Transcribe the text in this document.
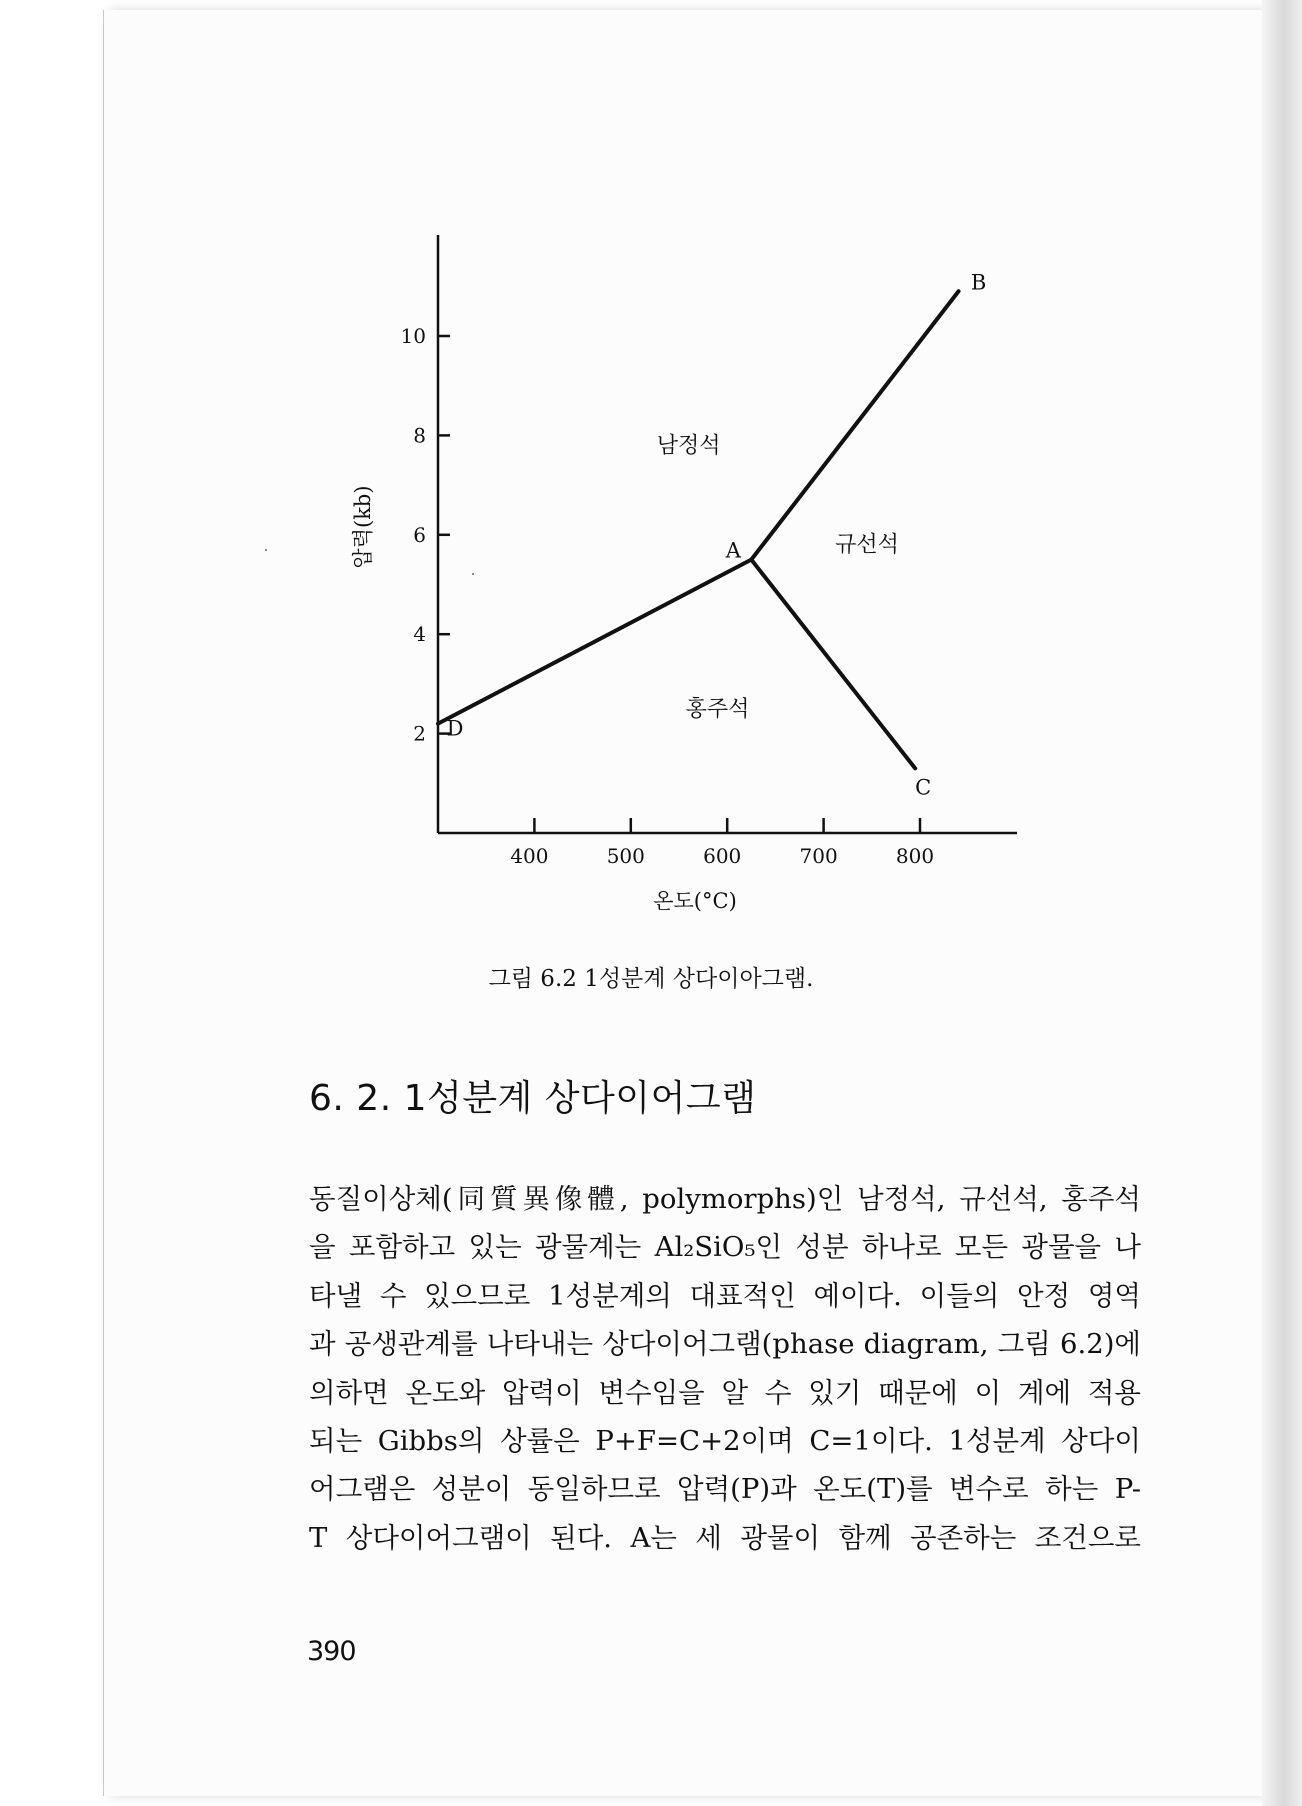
400	500	600	700	800
2
4
6
8
10
온도(°C)
압력(kb)	A
B
C
D
남정석
규선석
홍주석
그림 6.2 1성분계 상다이아그램.
6. 2. 1성분계 상다이어그램
동질이상체(同質異像體, polymorphs)인 남정석, 규선석, 홍주석
을 포함하고 있는 광물계는 Al₂SiO₅인 성분 하나로 모든 광물을 나
타낼 수 있으므로 1성분계의 대표적인 예이다. 이들의 안정 영역
과 공생관계를 나타내는 상다이어그램(phase diagram, 그림 6.2)에
의하면 온도와 압력이 변수임을 알 수 있기 때문에 이 계에 적용
되는 Gibbs의 상률은 P+F=C+2이며 C=1이다. 1성분계 상다이
어그램은 성분이 동일하므로 압력(P)과 온도(T)를 변수로 하는 P-
T 상다이어그램이 된다. A는 세 광물이 함께 공존하는 조건으로
390
